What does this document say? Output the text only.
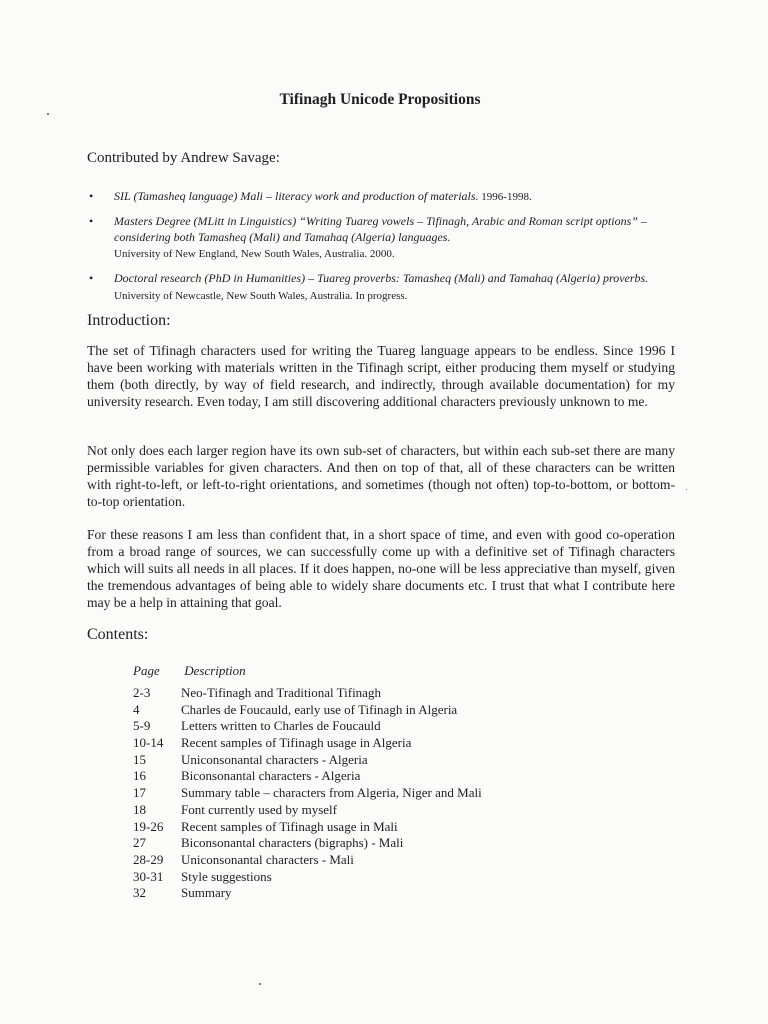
Tifinagh Unicode Propositions
Contributed by Andrew Savage:
• SIL (Tamasheq language) Mali – literacy work and production of materials. 1996-1998.
• Masters Degree (MLitt in Linguistics) “Writing Tuareg vowels – Tifinagh, Arabic and Roman script options” – considering both Tamasheq (Mali) and Tamahaq (Algeria) languages.
University of New England, New South Wales, Australia. 2000.
• Doctoral research (PhD in Humanities) – Tuareg proverbs: Tamasheq (Mali) and Tamahaq (Algeria) proverbs. University of Newcastle, New South Wales, Australia. In progress.
Introduction:

The set of Tifinagh characters used for writing the Tuareg language appears to be endless. Since 1996 I have been working with materials written in the Tifinagh script, either producing them myself or studying them (both directly, by way of field research, and indirectly, through available documentation) for my university research. Even today, I am still discovering additional characters previously unknown to me.

Not only does each larger region have its own sub-set of characters, but within each sub-set there are many permissible variables for given characters. And then on top of that, all of these characters can be written with right-to-left, or left-to-right orientations, and sometimes (though not often) top-to-bottom, or bottom-to-top orientation.

For these reasons I am less than confident that, in a short space of time, and even with good co-operation from a broad range of sources, we can successfully come up with a definitive set of Tifinagh characters which will suits all needs in all places. If it does happen, no-one will be less appreciative than myself, given the tremendous advantages of being able to widely share documents etc. I trust that what I contribute here may be a help in attaining that goal.

Contents:
Page Description
2-3 Neo-Tifinagh and Traditional Tifinagh
4	Charles de Foucauld, early use of Tifinagh in Algeria
5-9 Letters written to Charles de Foucauld
10-14 Recent samples of Tifinagh usage in Algeria
15	Uniconsonantal characters - Algeria
16	Biconsonantal characters - Algeria
17	Summary table – characters from Algeria, Niger and Mali
18	Font currently used by myself
19-26 Recent samples of Tifinagh usage in Mali
27	Biconsonantal characters (bigraphs) - Mali
28-29 Uniconsonantal characters - Mali
30-31 Style suggestions
32	Summary
